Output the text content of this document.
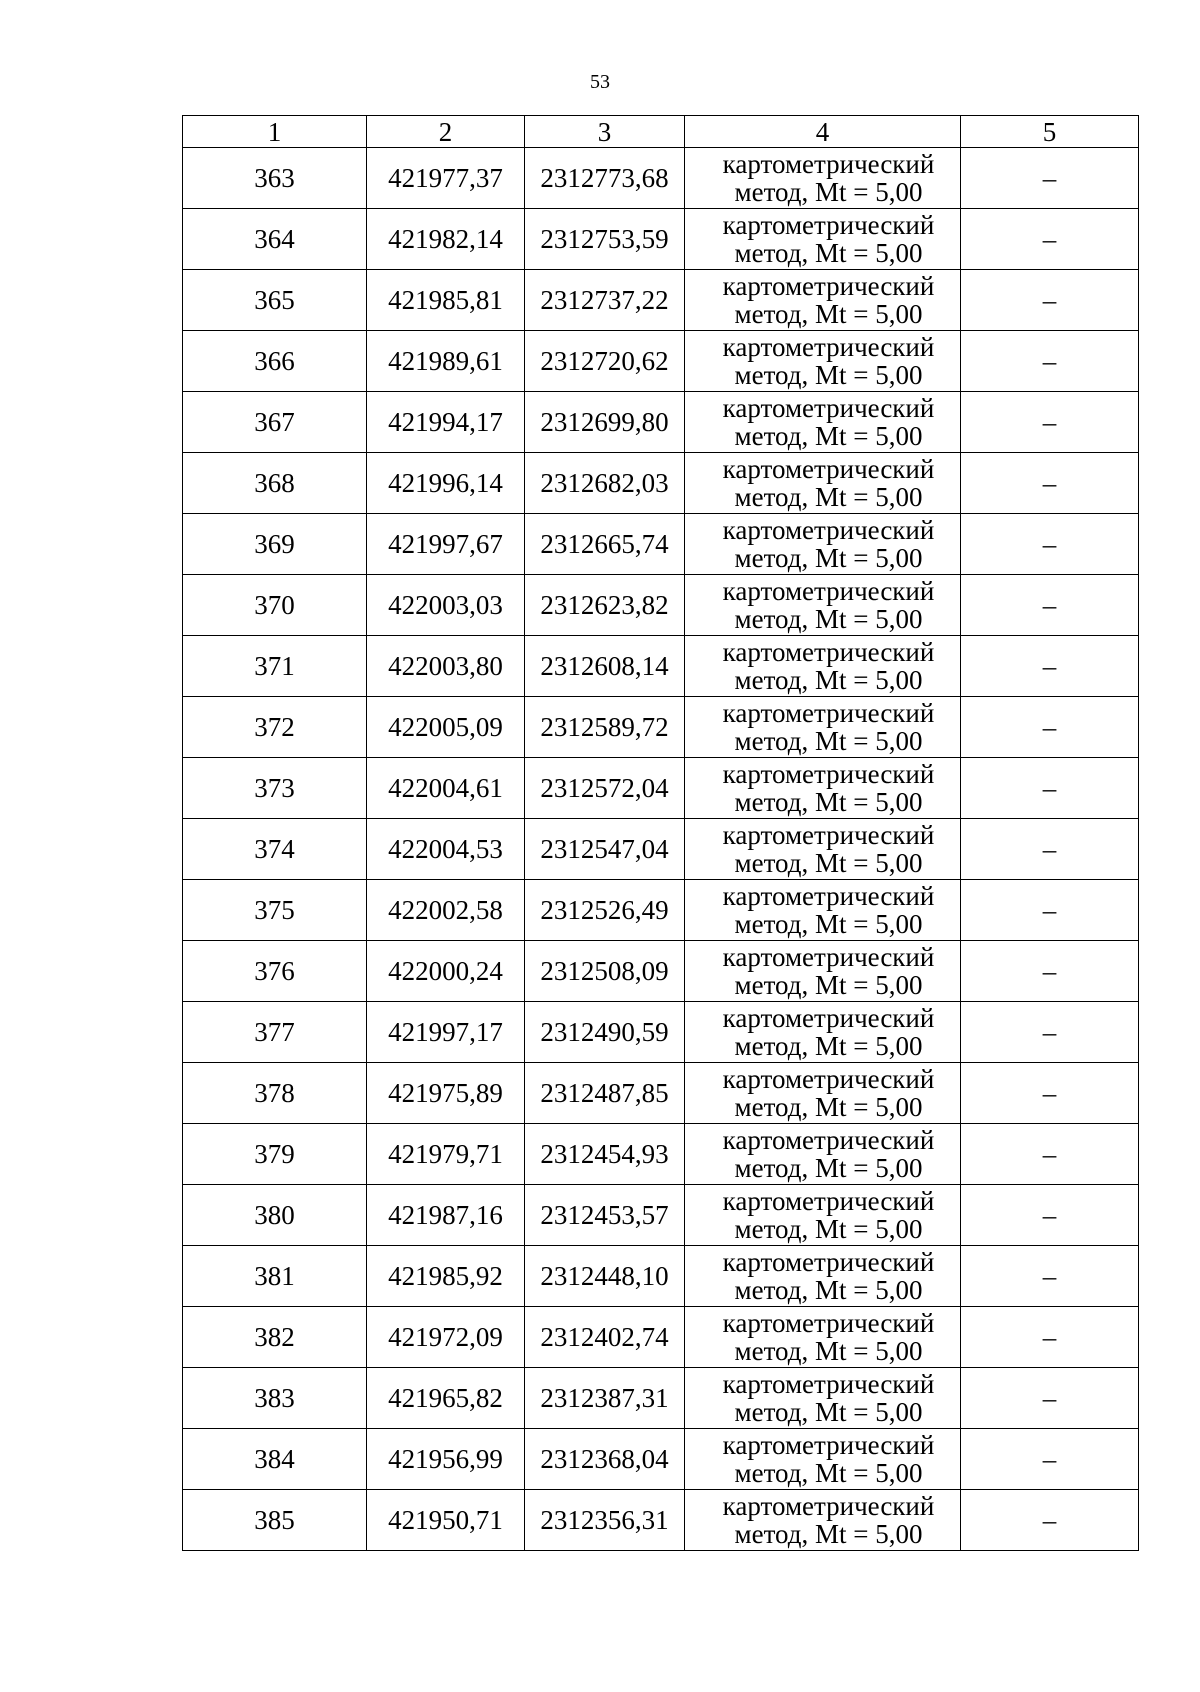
53
1	2	3	4	5
363	421977,37	2312773,68	картометрический
метод, Mt = 5,00	–
364	421982,14	2312753,59	картометрический
метод, Mt = 5,00	–
365	421985,81	2312737,22	картометрический
метод, Mt = 5,00	–
366	421989,61	2312720,62	картометрический
метод, Mt = 5,00	–
367	421994,17	2312699,80	картометрический
метод, Mt = 5,00	–
368	421996,14	2312682,03	картометрический
метод, Mt = 5,00	–
369	421997,67	2312665,74	картометрический
метод, Mt = 5,00	–
370	422003,03	2312623,82	картометрический
метод, Mt = 5,00	–
371	422003,80	2312608,14	картометрический
метод, Mt = 5,00	–
372	422005,09	2312589,72	картометрический
метод, Mt = 5,00	–
373	422004,61	2312572,04	картометрический
метод, Mt = 5,00	–
374	422004,53	2312547,04	картометрический
метод, Mt = 5,00	–
375	422002,58	2312526,49	картометрический
метод, Mt = 5,00	–
376	422000,24	2312508,09	картометрический
метод, Mt = 5,00	–
377	421997,17	2312490,59	картометрический
метод, Mt = 5,00	–
378	421975,89	2312487,85	картометрический
метод, Mt = 5,00	–
379	421979,71	2312454,93	картометрический
метод, Mt = 5,00	–
380	421987,16	2312453,57	картометрический
метод, Mt = 5,00	–
381	421985,92	2312448,10	картометрический
метод, Mt = 5,00	–
382	421972,09	2312402,74	картометрический
метод, Mt = 5,00	–
383	421965,82	2312387,31	картометрический
метод, Mt = 5,00	–
384	421956,99	2312368,04	картометрический
метод, Mt = 5,00	–
385	421950,71	2312356,31	картометрический
метод, Mt = 5,00	–
